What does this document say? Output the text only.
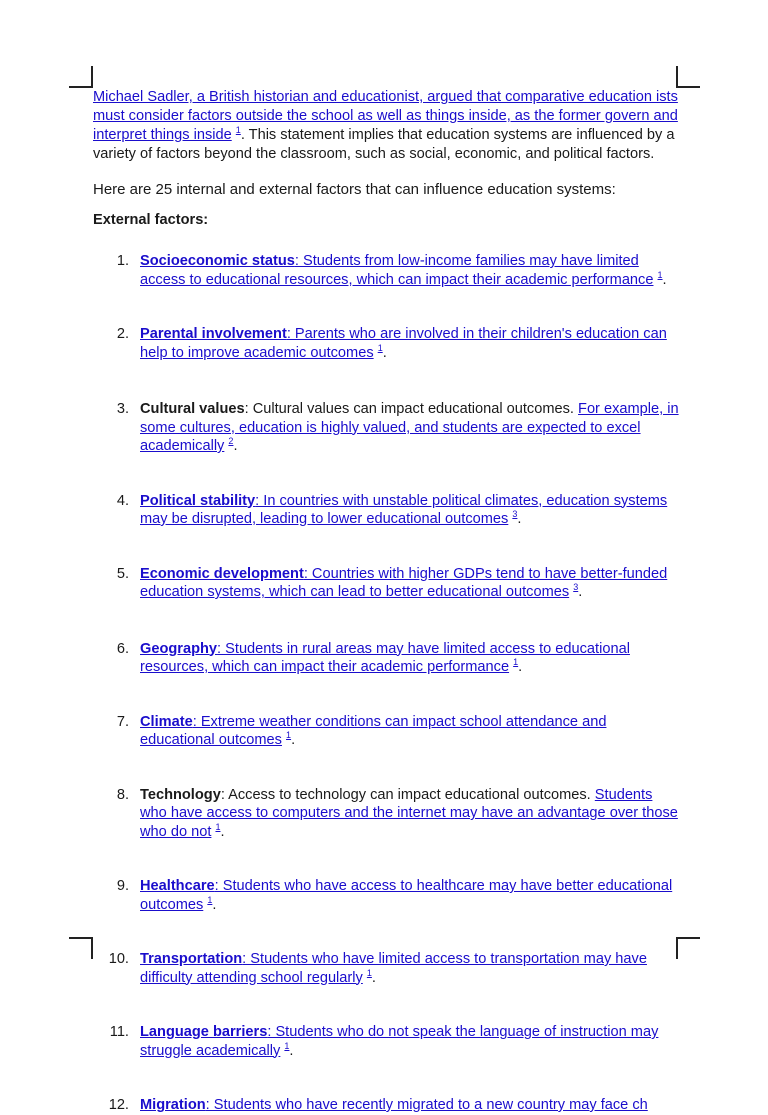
Michael Sadler, a British historian and educationist, argued that comparative education ists must consider factors outside the school as well as things inside, as the former govern and interpret things inside $^1$. This statement implies that education systems are influenced by a variety of factors beyond the classroom, such as social, economic, and political factors.

Here are 25 internal and external factors that can influence education systems:

External factors:

1. Socioeconomic status: Students from low-income families may have limited access to educational resources, which can impact their academic performance $^1$.
2. Parental involvement: Parents who are involved in their children's education can help to improve academic outcomes $^1$.
3. Cultural values: Cultural values can impact educational outcomes. For example, in some cultures, education is highly valued, and students are expected to excel academically $^2$.
4. Political stability: In countries with unstable political climates, education systems may be disrupted, leading to lower educational outcomes $^3$.
5. Economic development: Countries with higher GDPs tend to have better-funded education systems, which can lead to better educational outcomes $^3$.
6. Geography: Students in rural areas may have limited access to educational resources, which can impact their academic performance $^1$.
7. Climate: Extreme weather conditions can impact school attendance and educational outcomes $^1$.
8. Technology: Access to technology can impact educational outcomes. Students who have access to computers and the internet may have an advantage over those who do not $^1$.
9. Healthcare: Students who have access to healthcare may have better educational outcomes $^1$.
10. Transportation: Students who have limited access to transportation may have difficulty attending school regularly $^1$.
11. Language barriers: Students who do not speak the language of instruction may struggle academically $^1$.
12. Migration: Students who have recently migrated to a new country may face ch
